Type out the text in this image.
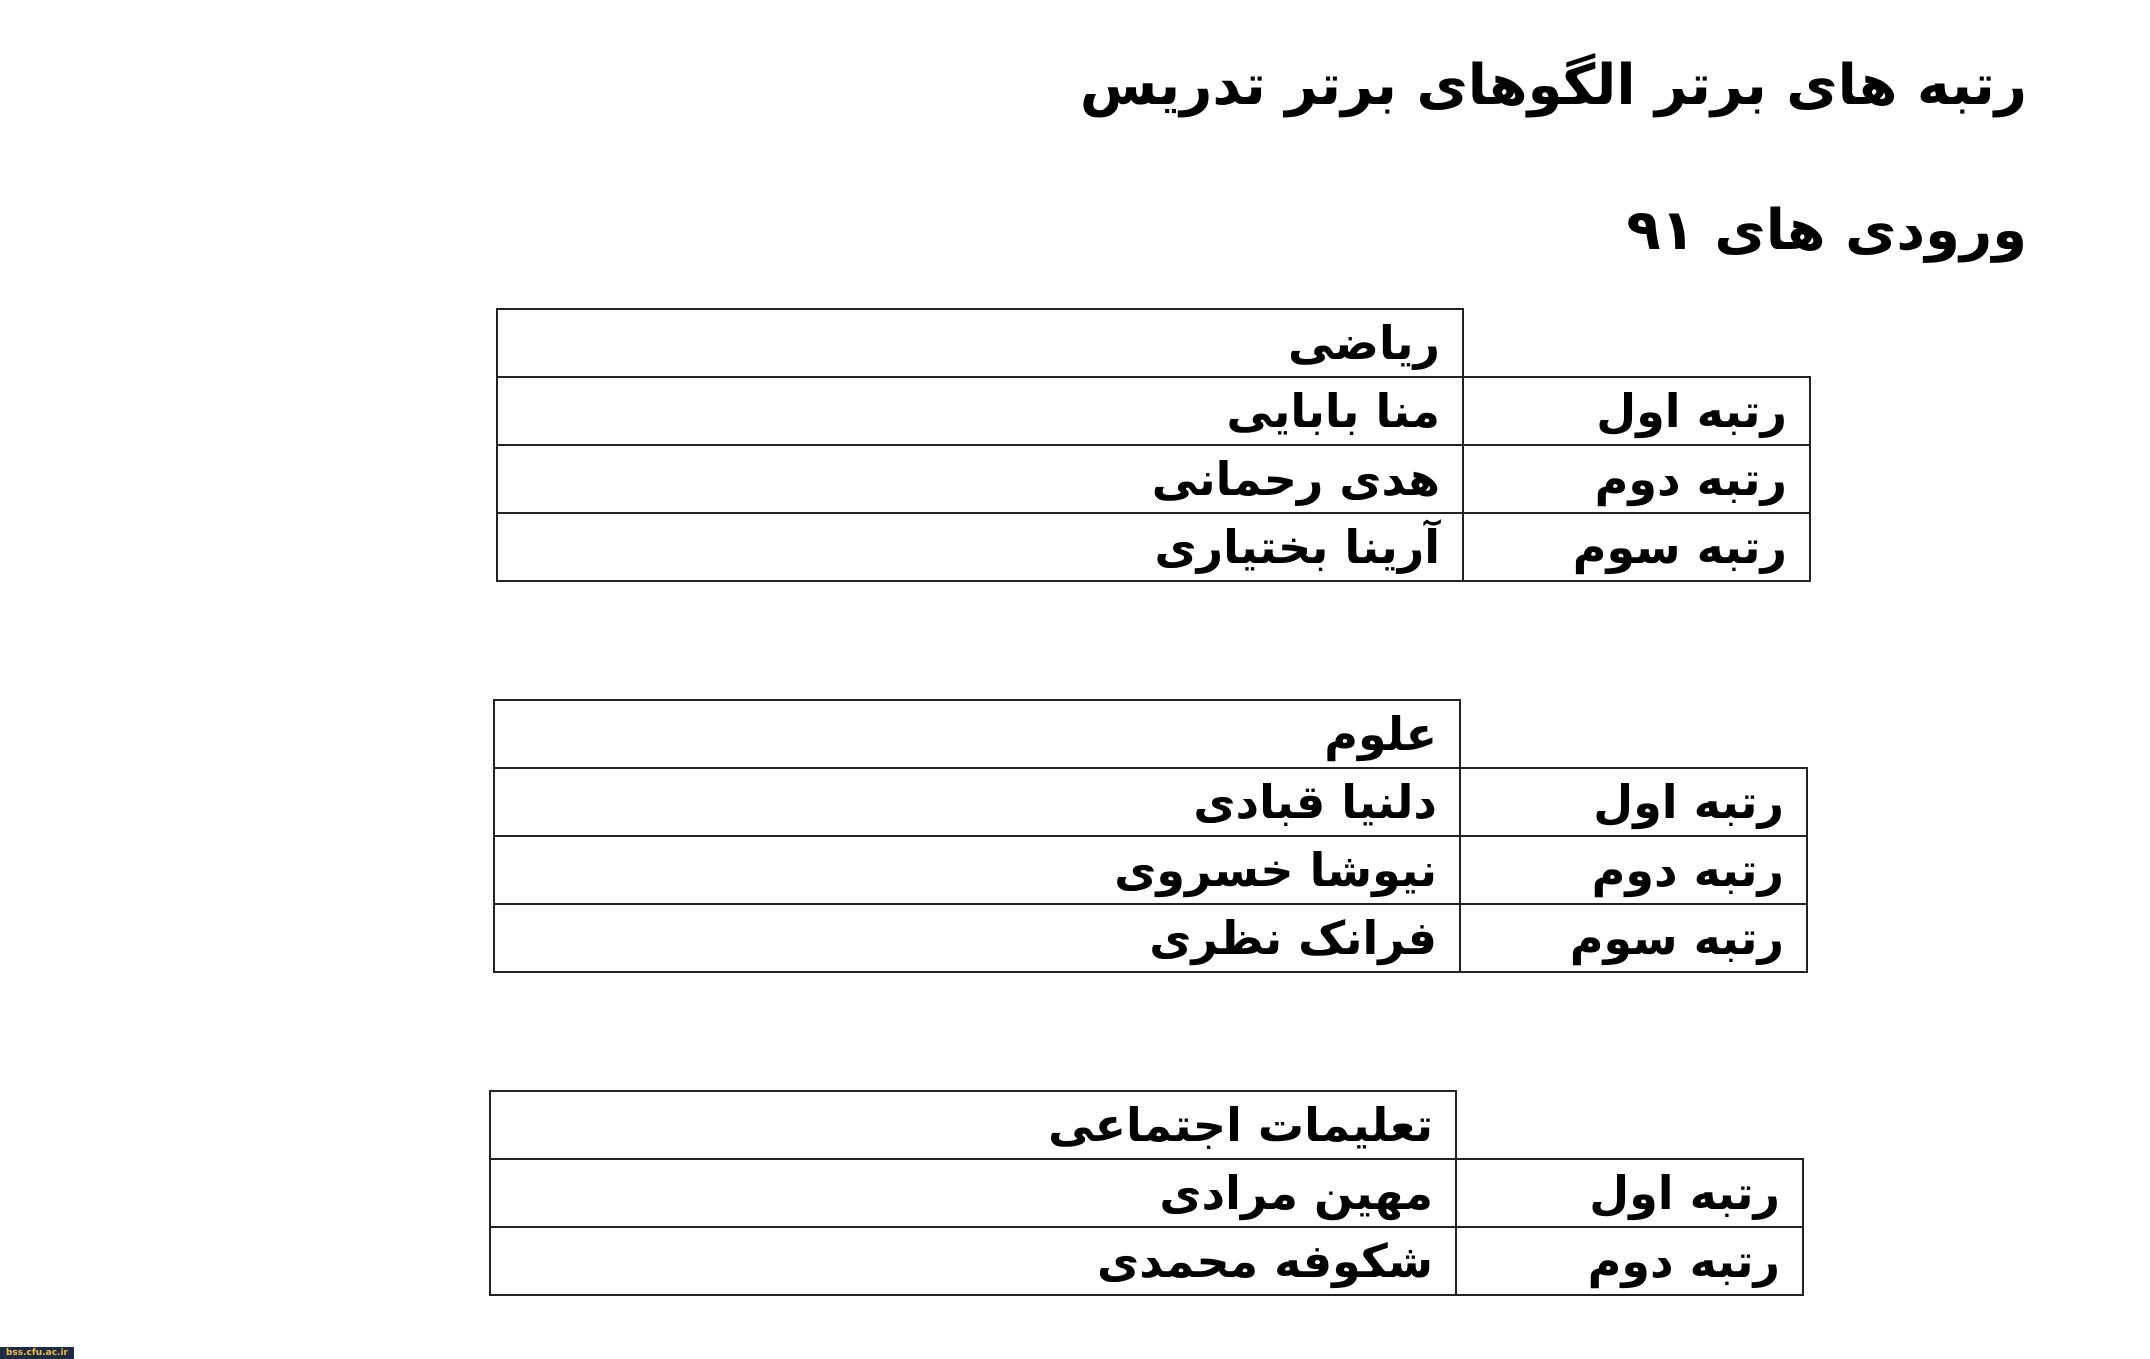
رتبه های برتر الگوهای برتر تدریس
ورودی های ۹۱
	ریاضی
رتبه اول	منا بابایی
رتبه دوم	هدی رحمانی
رتبه سوم	آرینا بختیاری
	علوم
رتبه اول	دلنیا قبادی
رتبه دوم	نیوشا خسروی
رتبه سوم	فرانک نظری
	تعلیمات اجتماعی
رتبه اول	مهین مرادی
رتبه دوم	شکوفه محمدی
bss.cfu.ac.ir
